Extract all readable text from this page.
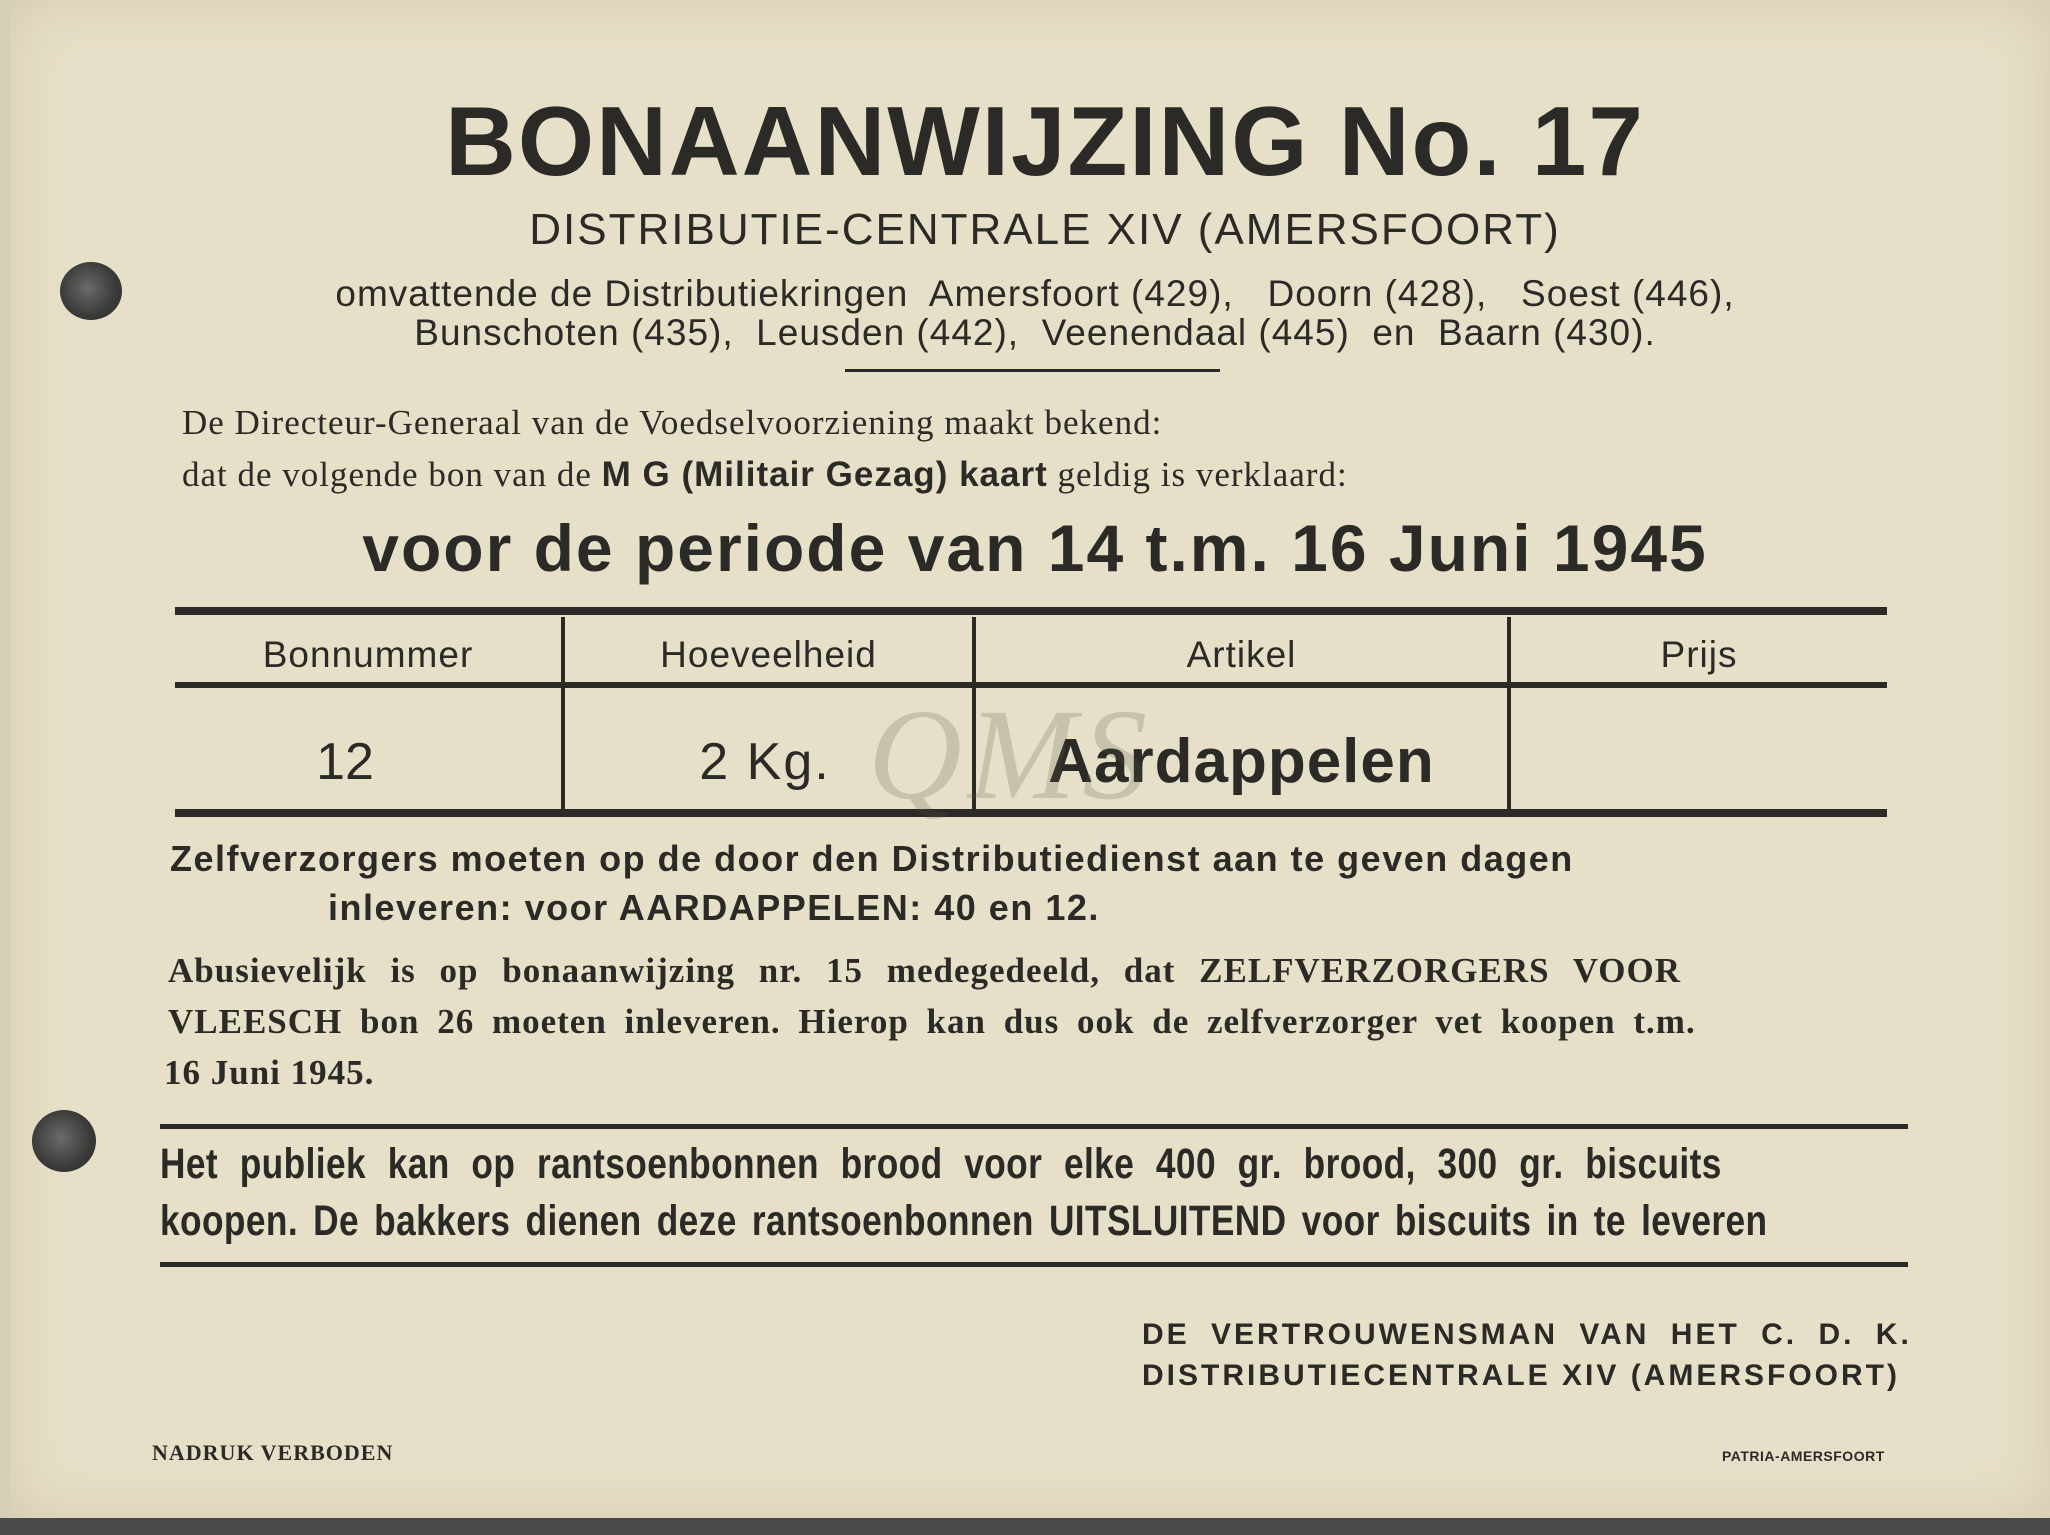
BONAANWIJZING No. 17
DISTRIBUTIE-CENTRALE XIV (AMERSFOORT)
omvattende de Distributiekringen  Amersfoort (429),   Doorn (428),   Soest (446),
Bunschoten (435),  Leusden (442),  Veenendaal (445)  en  Baarn (430).
De Directeur-Generaal van de Voedselvoorziening maakt bekend:
dat de volgende bon van de M G (Militair Gezag) kaart geldig is verklaard:
voor de periode van 14 t.m. 16 Juni 1945
Bonnummer	Hoeveelheid	Artikel	Prijs
12	2 Kg.	Aardappelen
QMS
Zelfverzorgers moeten op de door den Distributiedienst aan te geven dagen
inleveren: voor AARDAPPELEN: 40 en 12.
Abusievelijk is op bonaanwijzing nr. 15 medegedeeld, dat ZELFVERZORGERS VOOR
VLEESCH bon 26 moeten inleveren. Hierop kan dus ook de zelfverzorger vet koopen t.m.
16 Juni 1945.
Het publiek kan op rantsoenbonnen brood voor elke 400 gr. brood, 300 gr. biscuits
koopen. De bakkers dienen deze rantsoenbonnen UITSLUITEND voor biscuits in te leveren
DE VERTROUWENSMAN VAN HET C. D. K.
DISTRIBUTIECENTRALE XIV (AMERSFOORT)
NADRUK VERBODEN	PATRIA-AMERSFOORT
